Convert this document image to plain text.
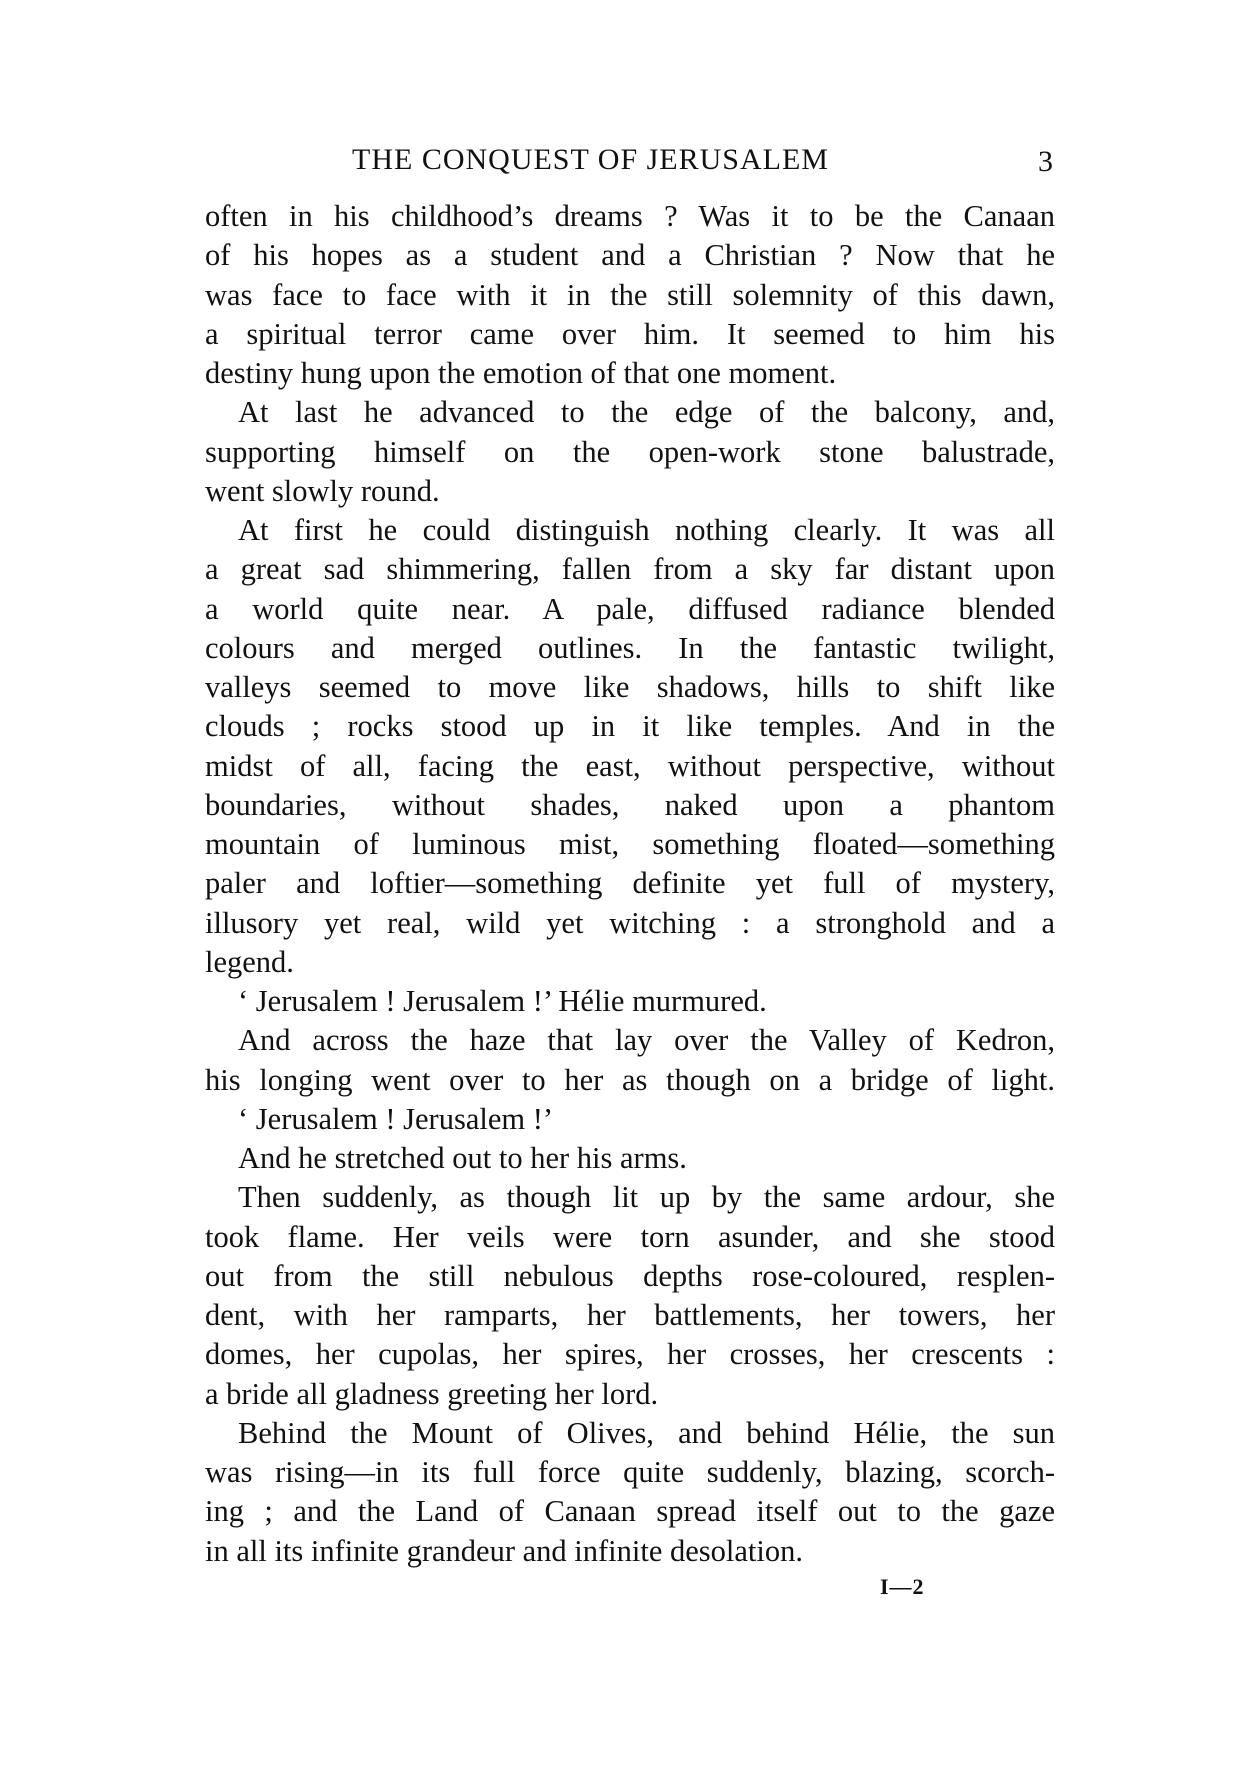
THE CONQUEST OF JERUSALEM	3
often in his childhood’s dreams ? Was it to be the Canaan
of his hopes as a student and a Christian ? Now that he
was face to face with it in the still solemnity of this dawn,
a spiritual terror came over him. It seemed to him his
destiny hung upon the emotion of that one moment.
At last he advanced to the edge of the balcony, and,
supporting himself on the open-work stone balustrade,
went slowly round.
At first he could distinguish nothing clearly. It was all
a great sad shimmering, fallen from a sky far distant upon
a world quite near. A pale, diffused radiance blended
colours and merged outlines. In the fantastic twilight,
valleys seemed to move like shadows, hills to shift like
clouds ; rocks stood up in it like temples. And in the
midst of all, facing the east, without perspective, without
boundaries, without shades, naked upon a phantom
mountain of luminous mist, something floated—something
paler and loftier—something definite yet full of mystery,
illusory yet real, wild yet witching : a stronghold and a
legend.
‘ Jerusalem ! Jerusalem !’ Hélie murmured.
And across the haze that lay over the Valley of Kedron,
his longing went over to her as though on a bridge of light.
‘ Jerusalem ! Jerusalem !’
And he stretched out to her his arms.
Then suddenly, as though lit up by the same ardour, she
took flame. Her veils were torn asunder, and she stood
out from the still nebulous depths rose-coloured, resplen-
dent, with her ramparts, her battlements, her towers, her
domes, her cupolas, her spires, her crosses, her crescents :
a bride all gladness greeting her lord.
Behind the Mount of Olives, and behind Hélie, the sun
was rising—in its full force quite suddenly, blazing, scorch-
ing ; and the Land of Canaan spread itself out to the gaze
in all its infinite grandeur and infinite desolation.
I—2
